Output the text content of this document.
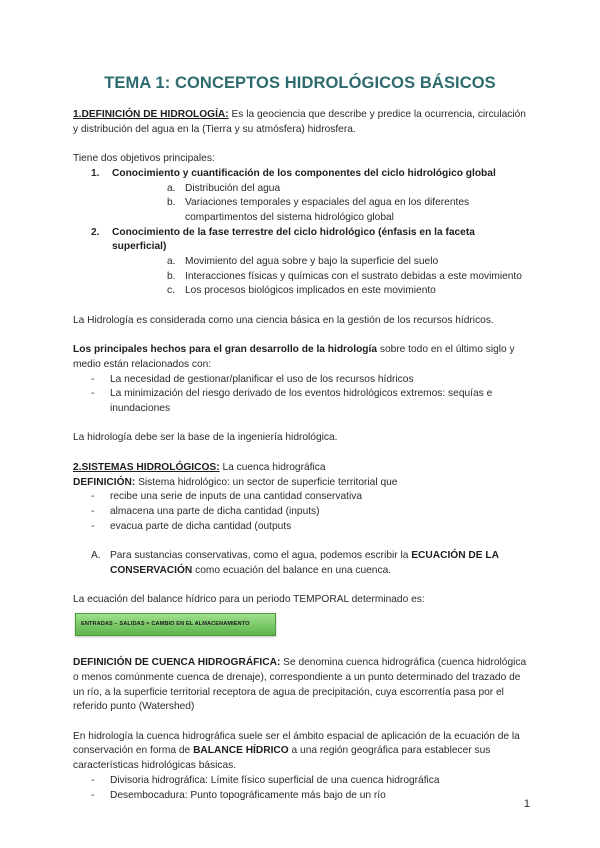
TEMA 1: CONCEPTOS HIDROLÓGICOS BÁSICOS

1.DEFINICIÓN DE HIDROLOGÍA: Es la geociencia que describe y predice la ocurrencia, circulación y distribución del agua en la (Tierra y su atmósfera) hidrosfera.

Tiene dos objetivos principales:

1. Conocimiento y cuantificación de los componentes del ciclo hidrológico global
a. Distribución del agua
b. Variaciones temporales y espaciales del agua en los diferentes compartimentos del sistema hidrológico global
2. Conocimiento de la fase terrestre del ciclo hidrológico (énfasis en la faceta superficial)
a. Movimiento del agua sobre y bajo la superficie del suelo
b. Interacciones físicas y químicas con el sustrato debidas a este movimiento
c. Los procesos biológicos implicados en este movimiento

La Hidrología es considerada como una ciencia básica en la gestión de los recursos hídricos.

Los principales hechos para el gran desarrollo de la hidrología sobre todo en el último siglo y medio están relacionados con:

- La necesidad de gestionar/planificar el uso de los recursos hídricos
- La minimización del riesgo derivado de los eventos hidrológicos extremos: sequías e inundaciones

La hidrología debe ser la base de la ingeniería hidrológica.

2.SISTEMAS HIDROLÓGICOS: La cuenca hidrográfica

DEFINICIÓN: Sistema hidrológico: un sector de superficie territorial que

- recibe una serie de inputs de una cantidad conservativa
- almacena una parte de dicha cantidad (inputs)
- evacua parte de dicha cantidad (outputs

A. Para sustancias conservativas, como el agua, podemos escribir la ECUACIÓN DE LA CONSERVACIÓN como ecuación del balance en una cuenca.

La ecuación del balance hídrico para un periodo TEMPORAL determinado es:

ENTRADAS – SALIDAS = CAMBIO EN EL ALMACENAMIENTO

DEFINICIÓN DE CUENCA HIDROGRÁFICA: Se denomina cuenca hidrográfica (cuenca hidrológica o menos comúnmente cuenca de drenaje), correspondiente a un punto determinado del trazado de un río, a la superficie territorial receptora de agua de precipitación, cuya escorrentía pasa por el referido punto (Watershed)

En hidrología la cuenca hidrográfica suele ser el ámbito espacial de aplicación de la ecuación de la conservación en forma de BALANCE HÍDRICO a una región geográfica para establecer sus características hidrológicas básicas.

- Divisoria hidrográfica: Límite físico superficial de una cuenca hidrográfica
- Desembocadura: Punto topográficamente más bajo de un río
1
